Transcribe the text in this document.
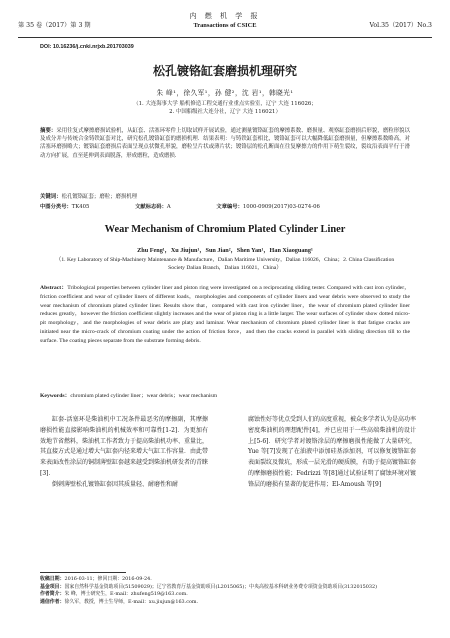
第 35 卷（2017）第 3 期
内 燃 机 学 报
Transactions of CSICE	Vol.35（2017）No.3
DOI: 10.16236/j.cnki.nrjxb.201703039
松孔镀铬缸套磨损机理研究
朱 峰¹，徐久军¹，孙 健²，沈 岩¹，韩晓光¹
（1. 大连海事大学 船机修造工程交通行业重点实验室，辽宁 大连 116026；
2. 中国船级社大连分社，辽宁 大连 116021）
摘要：采用往复式摩擦磨损试验机，从缸套、活塞环零件上切取试样开展试验，通过测量镀铬缸套的摩擦系数、磨损量、观察缸套磨损后形貌，磨粒形貌以及成分并与传统合金铸铁缸套对比，研究松孔镀铬缸套的磨损机理．结果表明：与铸铁缸套相比，镀铬缸套可以大幅降低缸套磨损量，但摩擦系数略高，对活塞环磨损略大；镀铬缸套磨损后表面呈现点状微孔形貌，磨粒呈片状或薄片状；镀铬层的松孔断面在往复摩擦力的作用下萌生裂纹，裂纹沿表面平行于滑动方向扩展，直至延伸到表面脱落，形成磨粒，造成磨损．
关键词：松孔镀铬缸套；磨粒；磨损机理
中图分类号：TK405	文献标志码：A	文章编号：1000-0909(2017)03-0274-06
Wear Mechanism of Chromium Plated Cylinder Liner
Zhu Feng¹，Xu Jiujun¹，Sun Jian²，Shen Yan¹，Han Xiaoguang¹
（1. Key Laboratory of Ship-Machinery Maintenance & Manufacture，Dalian Maritime University，Dalian 116026，China；2. China Classification Society Dalian Branch，Dalian 116021，China）
Abstract：Tribological properties between cylinder liner and piston ring were investigated on a reciprocating sliding tester. Compared with cast iron cylinder，friction coefficient and wear of cylinder liners of different loads，morphologies and components of cylinder liners and wear debris were observed to study the wear mechanism of chromium plated cylinder liner. Results show that，compared with cast iron cylinder liner，the wear of chromium plated cylinder liner reduces greatly，however the friction coefficient slightly increases and the wear of piston ring is a little larger. The wear surfaces of cylinder show dotted micro-pit morphology，and the morphologies of wear debris are platy and laminar. Wear mechanism of chromium plated cylinder liner is that fatigue cracks are initiated near the micro-crack of chromium coating under the action of friction force，and then the cracks extend in parallel with sliding direction till to the surface. The coating pieces separate from the substrate forming debris.
Keywords：chromium plated cylinder liner；wear debris；wear mechanism

缸套-活塞环是柴油机中工况条件最恶劣的摩擦副，其摩擦磨损性能直接影响柴油机的机械效率和可靠性[1-2]．为更加有效地节省燃料，柴油机工作者致力于提高柴油机功率、重量比，其直接方式是通过增大气缸套内径来增大气缸工作容量．由此带来表面改性涂层的铜制薄壁缸套越来越受到柴油机研发者的青睐[3]．

倒刺薄壁松孔镀铬缸套因其质量轻、耐磨性和耐

腐蚀性好等优点受到人们的高度重视，被众多学者认为是高功率密度柴油机的理想配件[4]，并已应用于一些高端柴油机的设计上[5-6]．研究学者对镀铬涂层的摩擦磨损性能做了大量研究，Yue 等[7]发现了在油液中添加硅基添加剂，可以修复镀铬缸套表面裂纹及微坑，形成一层光滑的硬质膜，有助于提高镀铬缸套的摩擦磨损性能；Fedrizzi 等[8]通过试验证明了腐蚀环境对镀铬层的磨损有显著的促进作用；El-Amoush 等[9]

收稿日期： 2016-03-11；修回日期：2016-09-24.
基金项目： 国家自然科学基金资助项目(51509029)；辽宁省教育厅基金资助项目(L2015065)；中央高校基本科研业务费专项资金资助项目(3132015032)
作者简介： 朱 峰，博士研究生，E-mail：zhufeng519@163.com.
通信作者： 徐久军，教授，博士生导师，E-mail：xu.jiujun@163.com.
